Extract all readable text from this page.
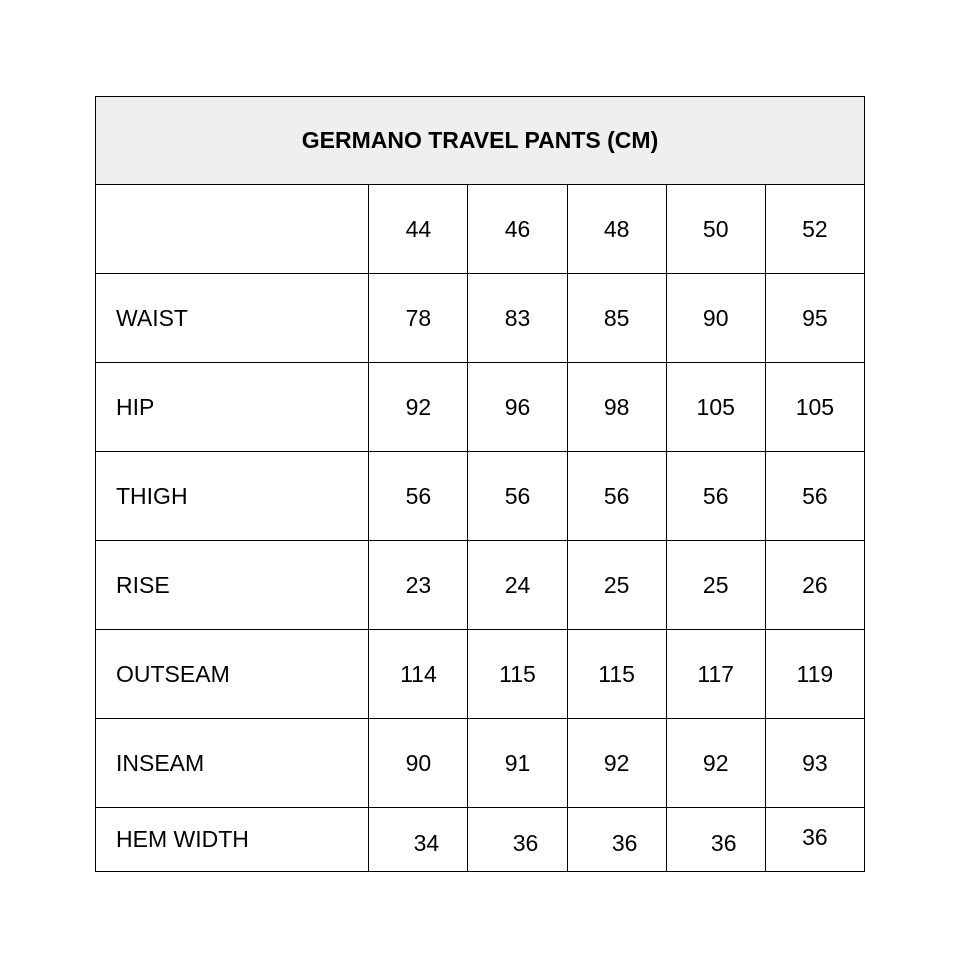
GERMANO TRAVEL PANTS (CM)					
	44	46	48	50	52
WAIST	78	83	85	90	95
HIP	92	96	98	105	105
THIGH	56	56	56	56	56
RISE	23	24	25	25	26
OUTSEAM	114	115	115	117	119
INSEAM	90	91	92	92	93
HEM WIDTH	34	36	36	36	36
